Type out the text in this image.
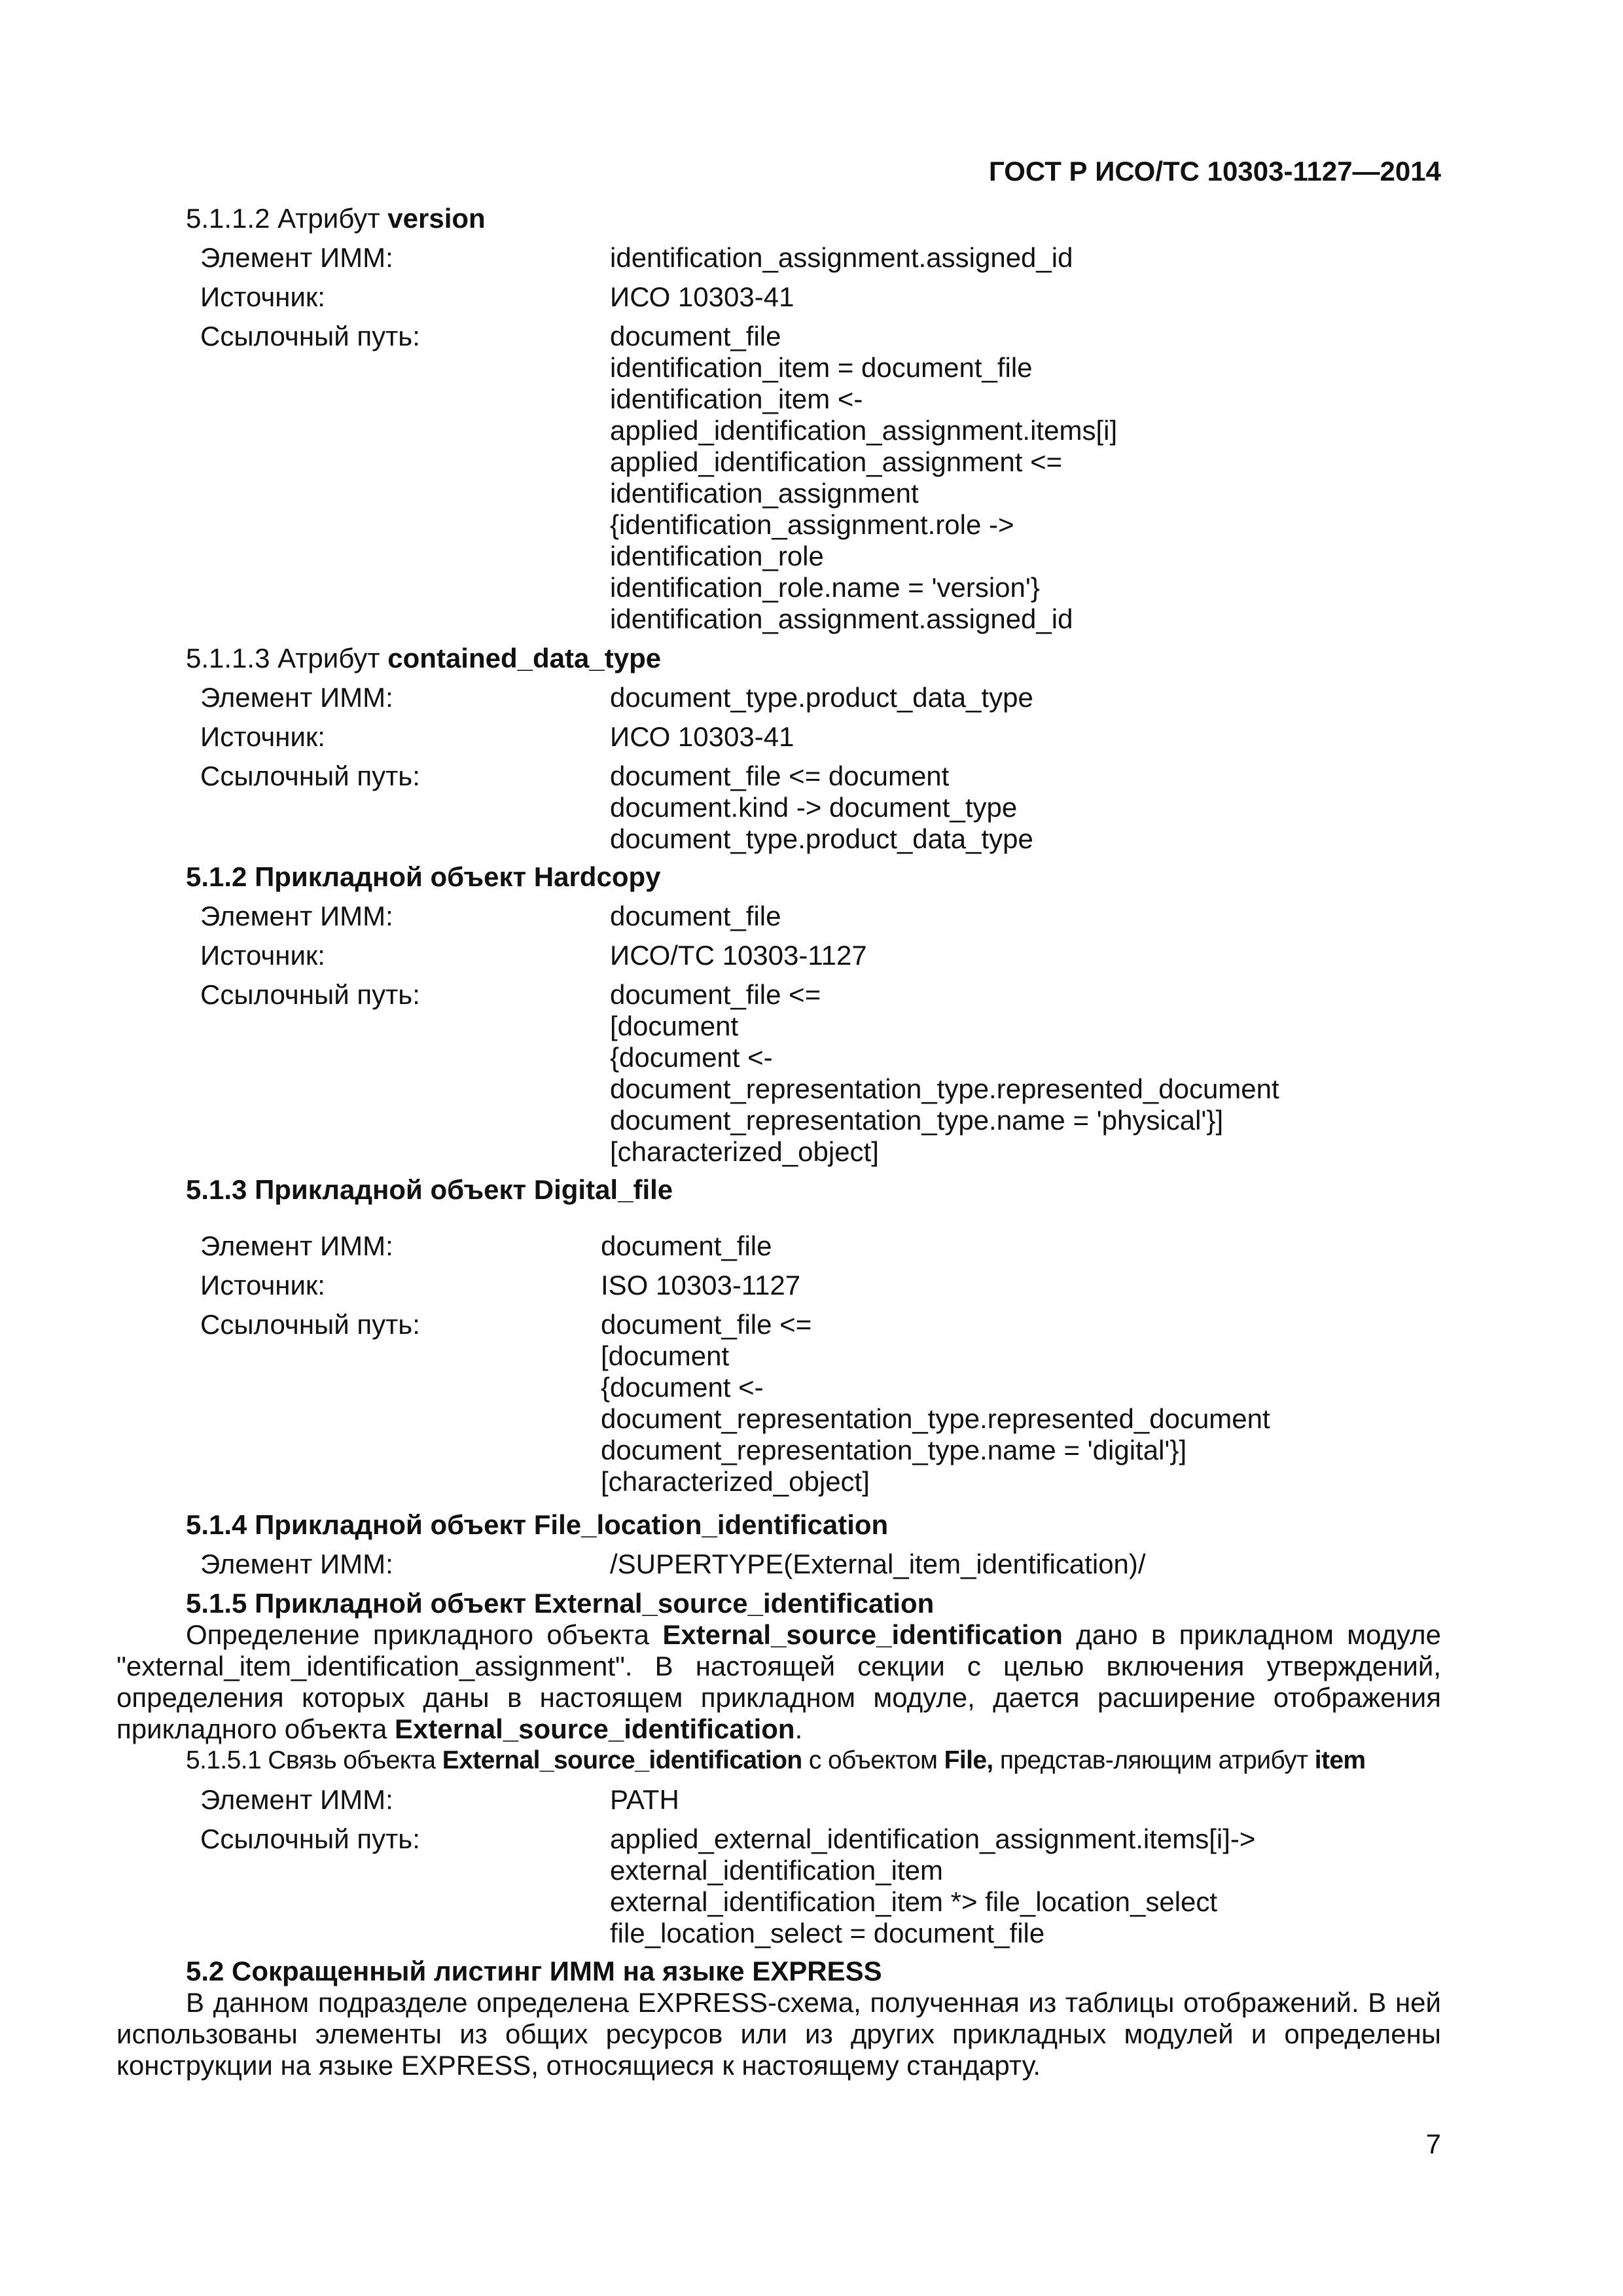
ГОСТ Р ИСО/ТС 10303-1127—2014
5.1.1.2 Атрибут version
Элемент ИММ:	identification_assignment.assigned_id
Источник:	ИСО 10303-41
Ссылочный путь:	document_file
identification_item = document_file
identification_item <-
applied_identification_assignment.items[i]
applied_identification_assignment <=
identification_assignment
{identification_assignment.role ->
identification_role
identification_role.name = 'version'}
identification_assignment.assigned_id
5.1.1.3 Атрибут contained_data_type
Элемент ИММ:	document_type.product_data_type
Источник:	ИСО 10303-41
Ссылочный путь:	document_file <= document
document.kind -> document_type
document_type.product_data_type
5.1.2 Прикладной объект Hardcopy
Элемент ИММ:	document_file
Источник:	ИСО/ТС 10303-1127
Ссылочный путь:	document_file <=
[document
{document <-
document_representation_type.represented_document
document_representation_type.name = 'physical'}]
[characterized_object]
5.1.3 Прикладной объект Digital_file
Элемент ИММ:	document_file
Источник:	ISO 10303-1127
Ссылочный путь:	document_file <=
[document
{document <-
document_representation_type.represented_document
document_representation_type.name = 'digital'}]
[characterized_object]
5.1.4 Прикладной объект File_location_identification
Элемент ИММ:	/SUPERTYPE(External_item_identification)/
5.1.5 Прикладной объект External_source_identification
Определение прикладного объекта External_source_identification дано в прикладном модуле "external_item_identification_assignment". В настоящей секции с целью включения утверждений, определения которых даны в настоящем прикладном модуле, дается расширение отображения прикладного объекта External_source_identification.
5.1.5.1 Связь объекта External_source_identification с объектом File, представ-ляющим атрибут item
Элемент ИММ:	PATH
Ссылочный путь:	applied_external_identification_assignment.items[i]->
external_identification_item
external_identification_item *> file_location_select
file_location_select = document_file
5.2 Сокращенный листинг ИММ на языке EXPRESS
В данном подразделе определена EXPRESS-схема, полученная из таблицы отображений. В ней использованы элементы из общих ресурсов или из других прикладных модулей и определены конструкции на языке EXPRESS, относящиеся к настоящему стандарту.
7
